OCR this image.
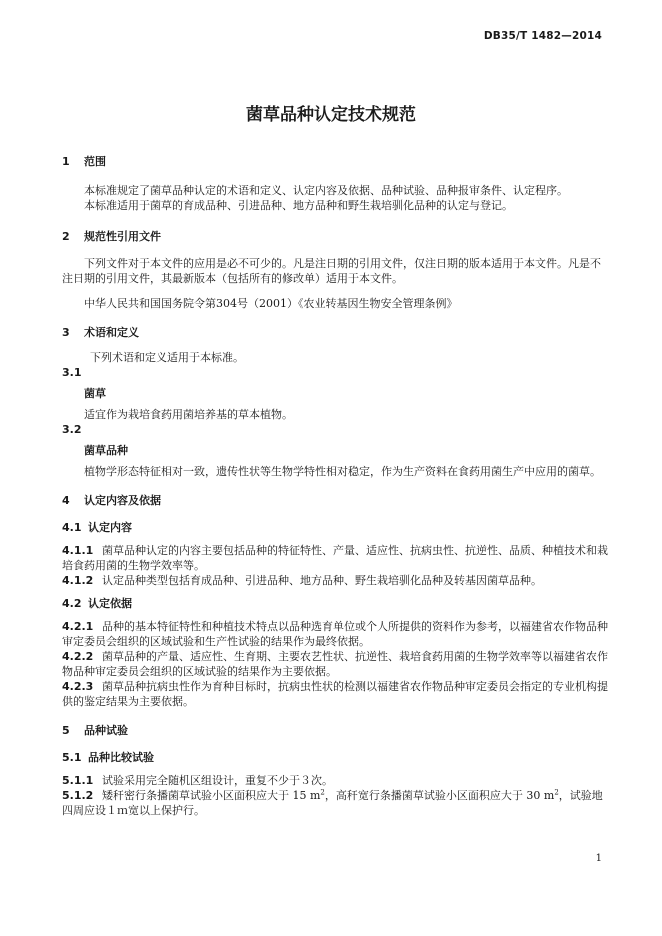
DB35/T 1482—2014
菌草品种认定技术规范
1 范围
本标准规定了菌草品种认定的术语和定义、认定内容及依据、品种试验、品种报审条件、认定程序。
本标准适用于菌草的育成品种、引进品种、地方品种和野生栽培驯化品种的认定与登记。
2 规范性引用文件
下列文件对于本文件的应用是必不可少的。凡是注日期的引用文件，仅注日期的版本适用于本文件。凡是不注日期的引用文件，其最新版本（包括所有的修改单）适用于本文件。
中华人民共和国国务院令第304号（2001）《农业转基因生物安全管理条例》
3 术语和定义
下列术语和定义适用于本标准。
3.1
菌草
适宜作为栽培食药用菌培养基的草本植物。
3.2
菌草品种
植物学形态特征相对一致，遗传性状等生物学特性相对稳定，作为生产资料在食药用菌生产中应用的菌草。
4 认定内容及依据
4.1 认定内容
4.1.1 菌草品种认定的内容主要包括品种的特征特性、产量、适应性、抗病虫性、抗逆性、品质、种植技术和栽培食药用菌的生物学效率等。
4.1.2 认定品种类型包括育成品种、引进品种、地方品种、野生栽培驯化品种及转基因菌草品种。
4.2 认定依据
4.2.1 品种的基本特征特性和种植技术特点以品种选育单位或个人所提供的资料作为参考，以福建省农作物品种审定委员会组织的区域试验和生产性试验的结果作为最终依据。
4.2.2 菌草品种的产量、适应性、生育期、主要农艺性状、抗逆性、栽培食药用菌的生物学效率等以福建省农作物品种审定委员会组织的区域试验的结果作为主要依据。
4.2.3 菌草品种抗病虫性作为育种目标时，抗病虫性状的检测以福建省农作物品种审定委员会指定的专业机构提供的鉴定结果为主要依据。
5 品种试验
5.1 品种比较试验
5.1.1 试验采用完全随机区组设计，重复不少于３次。
5.1.2 矮秆密行条播菌草试验小区面积应大于 15 $m^2$，高秆宽行条播菌草试验小区面积应大于 30 $m^2$，试验地四周应设１ｍ宽以上保护行。
1
